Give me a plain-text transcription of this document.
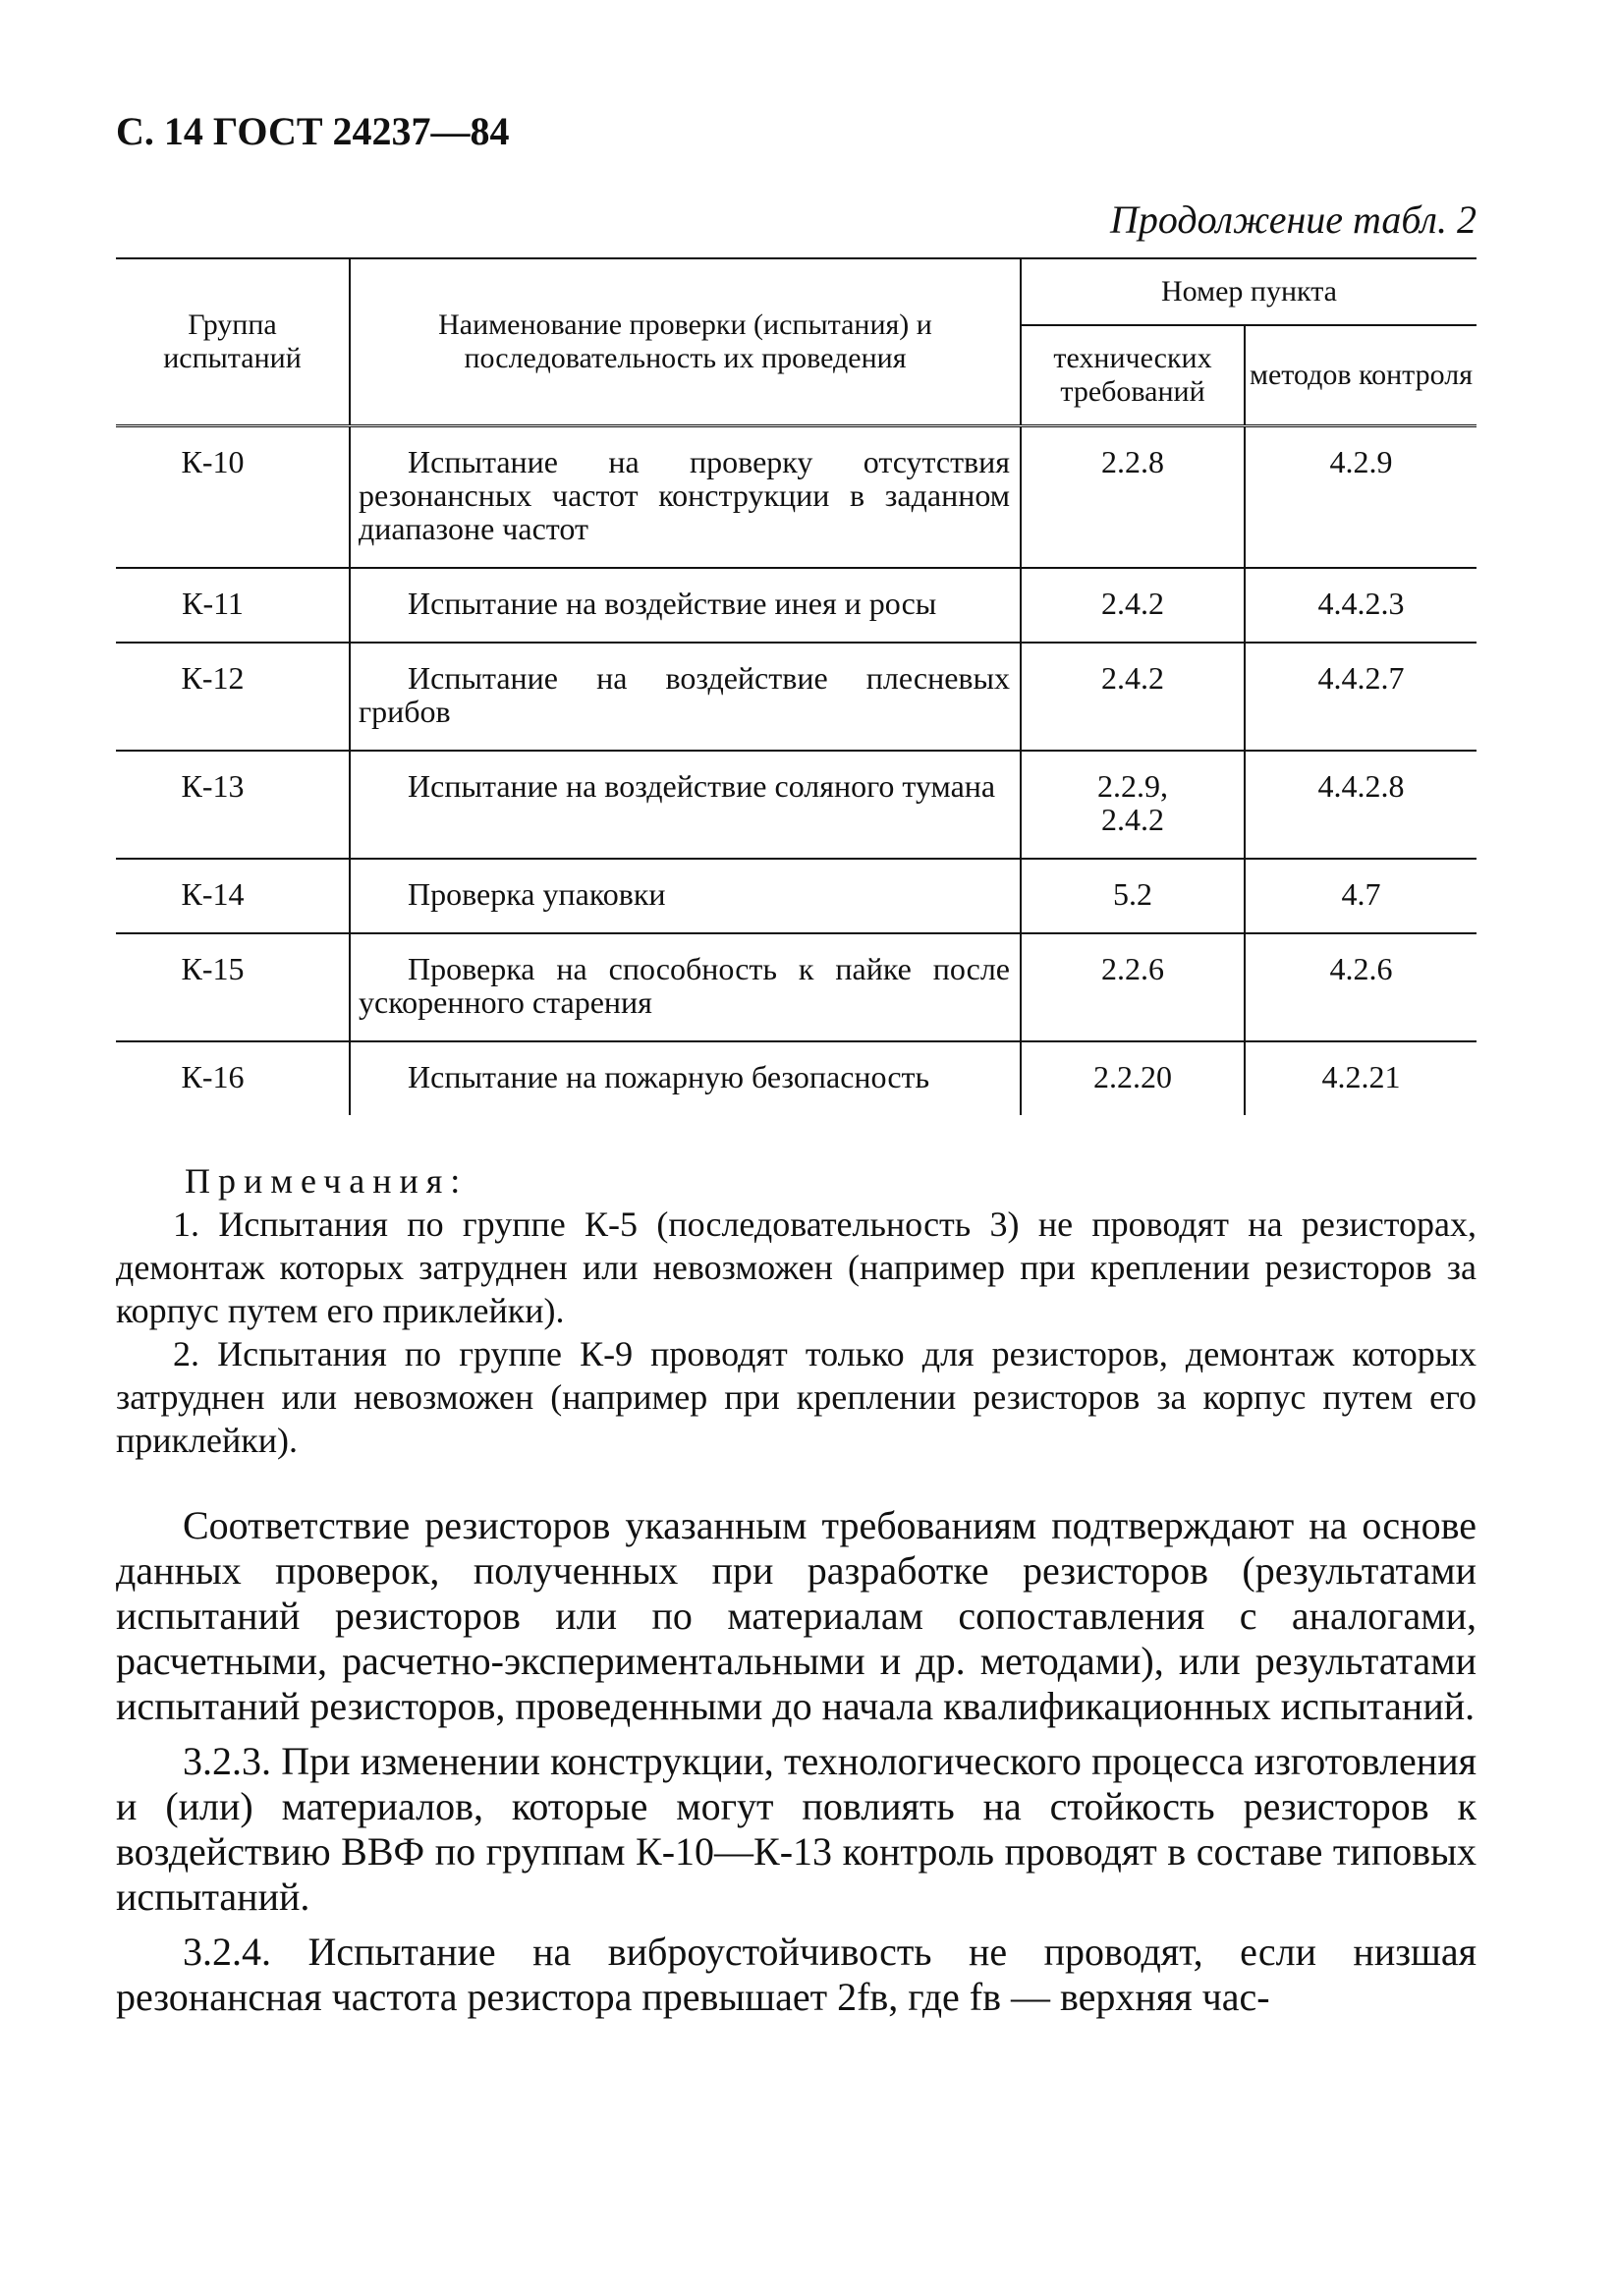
С. 14 ГОСТ 24237—84
Продолжение табл. 2
Группа испытаний	Наименование проверки (испытания) и последовательность их проведения	Номер пункта	
		технических требований	методов контроля
К-10	Испытание на проверку отсутствия резонансных частот конструкции в заданном диапазоне частот	2.2.8	4.2.9
К-11	Испытание на воздействие инея и росы	2.4.2	4.4.2.3
К-12	Испытание на воздействие плесневых грибов	2.4.2	4.4.2.7
К-13	Испытание на воздействие соляного тумана	2.2.9, 2.4.2	4.4.2.8
К-14	Проверка упаковки	5.2	4.7
К-15	Проверка на способность к пайке после ускоренного старения	2.2.6	4.2.6
К-16	Испытание на пожарную безопасность	2.2.20	4.2.21
Примечания:

1. Испытания по группе К-5 (последовательность 3) не проводят на резисторах, демонтаж которых затруднен или невозможен (например при креплении резисторов за корпус путем его приклейки).

2. Испытания по группе К-9 проводят только для резисторов, демонтаж которых затруднен или невозможен (например при креплении резисторов за корпус путем его приклейки).

Соответствие резисторов указанным требованиям подтверждают на основе данных проверок, полученных при разработке резисторов (результатами испытаний резисторов или по материалам сопоставления с аналогами, расчетными, расчетно-экспериментальными и др. методами), или результатами испытаний резисторов, проведенными до начала квалификационных испытаний.

3.2.3. При изменении конструкции, технологического процесса изготовления и (или) материалов, которые могут повлиять на стойкость резисторов к воздействию ВВФ по группам К-10—К-13 контроль проводят в составе типовых испытаний.

3.2.4. Испытание на виброустойчивость не проводят, если низшая резонансная частота резистора превышает 2fв, где fв — верхняя час-
